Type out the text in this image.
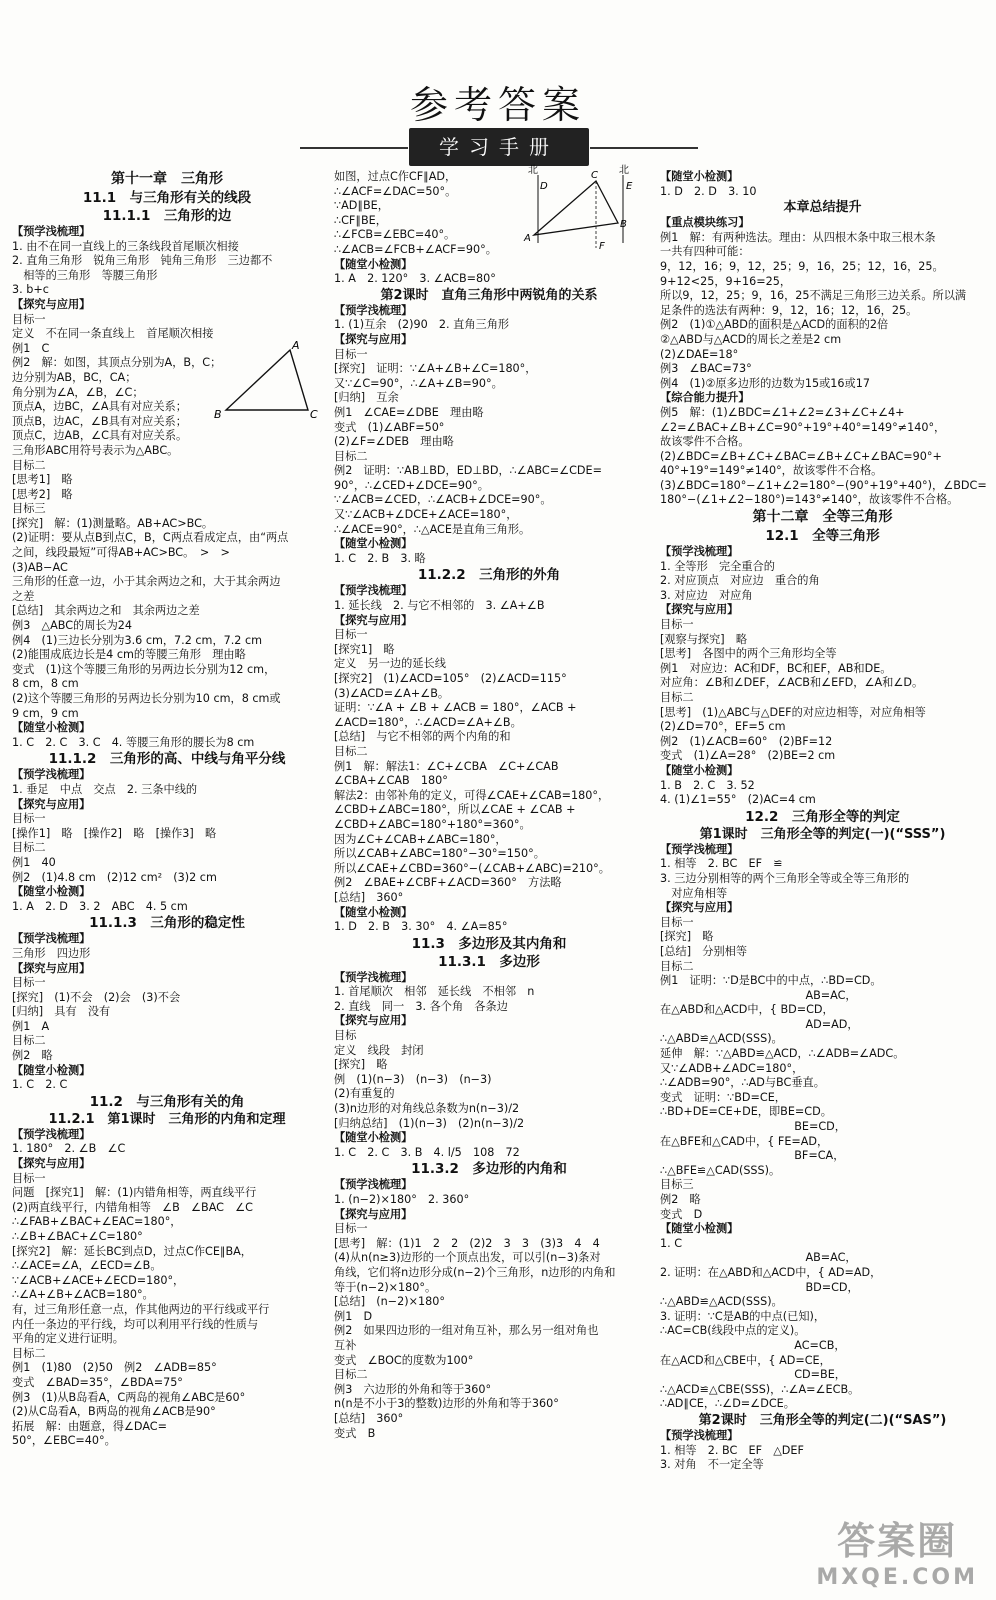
参考答案
学习手册
第十一章　三角形
11.1　与三角形有关的线段
11.1.1　三角形的边
【预学浅梳理】
1. 由不在同一直线上的三条线段首尾顺次相接
2. 直角三角形　锐角三角形　钝角三角形　三边都不
　相等的三角形　等腰三角形
3. b+c
【探究与应用】
目标一
定义　不在同一条直线上　首尾顺次相接
例1　C
例2　解：如图，其顶点分别为A，B，C；
边分别为AB，BC，CA；
角分别为∠A，∠B，∠C；
顶点A，边BC，∠A具有对应关系；
顶点B，边AC，∠B具有对应关系；
顶点C，边AB，∠C具有对应关系。
三角形ABC用符号表示为△ABC。
目标二
[思考1]　略
[思考2]　略
目标三
[探究]　解：(1)测量略。AB+AC>BC。
(2)证明：要从点B到点C，B，C两点看成定点，由“两点
之间，线段最短”可得AB+AC>BC。　>　>
(3)AB−AC
三角形的任意一边，小于其余两边之和，大于其余两边
之差
[总结]　其余两边之和　其余两边之差
例3　△ABC的周长为24
例4　(1)三边长分别为3.6 cm，7.2 cm，7.2 cm
(2)能围成底边长是4 cm的等腰三角形　理由略
变式　(1)这个等腰三角形的另两边长分别为12 cm，
8 cm，8 cm
(2)这个等腰三角形的另两边长分别为10 cm，8 cm或
9 cm，9 cm
【随堂小检测】
1. C　2. C　3. C　4. 等腰三角形的腰长为8 cm
11.1.2　三角形的高、中线与角平分线
【预学浅梳理】
1. 垂足　中点　交点　2. 三条中线的
【探究与应用】
目标一
[操作1]　略　[操作2]　略　[操作3]　略
目标二
例1　40
例2　(1)4.8 cm　(2)12 cm²　(3)2 cm
【随堂小检测】
1. A　2. D　3. 2　ABC　4. 5 cm
11.1.3　三角形的稳定性
【预学浅梳理】
三角形　四边形
【探究与应用】
目标一
[探究]　(1)不会　(2)会　(3)不会
[归纳]　具有　没有
例1　A
目标二
例2　略
【随堂小检测】
1. C　2. C
11.2　与三角形有关的角
11.2.1　第1课时　三角形的内角和定理
【预学浅梳理】
1. 180°　2. ∠B　∠C
【探究与应用】
目标一
问题　[探究1]　解：(1)内错角相等，两直线平行
(2)两直线平行，内错角相等　∠B　∠BAC　∠C
∴∠FAB+∠BAC+∠EAC=180°，
∴∠B+∠BAC+∠C=180°
[探究2]　解：延长BC到点D，过点C作CE∥BA，
∴∠ACE=∠A，∠ECD=∠B。
∵∠ACB+∠ACE+∠ECD=180°，
∴∠A+∠B+∠ACB=180°。
有，过三角形任意一点，作其他两边的平行线或平行
内任一条边的平行线，均可以利用平行线的性质与
平角的定义进行证明。
目标二
例1　(1)80　(2)50　例2　∠ADB=85°
变式　∠BAD=35°，∠BDA=75°
例3　(1)从B岛看A，C两岛的视角∠ABC是60°
(2)从C岛看A，B两岛的视角∠ACB是90°
拓展　解：由题意，得∠DAC=
50°，∠EBC=40°。
如图，过点C作CF∥AD，
∴∠ACF=∠DAC=50°。
∵AD∥BE，
∴CF∥BE，
∴∠FCB=∠EBC=40°。
∴∠ACB=∠FCB+∠ACF=90°。
【随堂小检测】
1. A　2. 120°　3. ∠ACB=80°
第2课时　直角三角形中两锐角的关系
【预学浅梳理】
1. (1)互余　(2)90　2. 直角三角形
【探究与应用】
目标一
[探究]　证明：∵∠A+∠B+∠C=180°，
又∵∠C=90°，∴∠A+∠B=90°。
[归纳]　互余
例1　∠CAE=∠DBE　理由略
变式　(1)∠ABF=50°
(2)∠F=∠DEB　理由略
目标二
例2　证明：∵AB⊥BD，ED⊥BD，∴∠ABC=∠CDE=
90°，∴∠CED+∠DCE=90°。
∵∠ACB=∠CED，∴∠ACB+∠DCE=90°。
又∵∠ACB+∠DCE+∠ACE=180°，
∴∠ACE=90°，∴△ACE是直角三角形。
【随堂小检测】
1. C　2. B　3. 略
11.2.2　三角形的外角
【预学浅梳理】
1. 延长线　2. 与它不相邻的　3. ∠A+∠B
【探究与应用】
目标一
[探究1]　略
定义　另一边的延长线
[探究2]　(1)∠ACD=105°　(2)∠ACD=115°
(3)∠ACD=∠A+∠B。
证明：∵∠A + ∠B + ∠ACB = 180°，∠ACB +
∠ACD=180°，∴∠ACD=∠A+∠B。
[总结]　与它不相邻的两个内角的和
目标二
例1　解：解法1：∠C+∠CBA　∠C+∠CAB
∠CBA+∠CAB　180°
解法2：由邻补角的定义，可得∠CAE+∠CAB=180°，
∠CBD+∠ABC=180°，所以∠CAE + ∠CAB +
∠CBD+∠ABC=180°+180°=360°。
因为∠C+∠CAB+∠ABC=180°，
所以∠CAB+∠ABC=180°−30°=150°。
所以∠CAE+∠CBD=360°−(∠CAB+∠ABC)=210°。
例2　∠BAE+∠CBF+∠ACD=360°　方法略
[总结]　360°
【随堂小检测】
1. D　2. B　3. 30°　4. ∠A=85°
11.3　多边形及其内角和
11.3.1　多边形
【预学浅梳理】
1. 首尾顺次　相邻　延长线　不相邻　n
2. 直线　同一　3. 各个角　各条边
【探究与应用】
目标
定义　线段　封闭
[探究]　略
例　(1)(n−3)　(n−3)　(n−3)
(2)有重复的
(3)n边形的对角线总条数为n(n−3)/2
[归纳总结]　(1)(n−3)　(2)n(n−3)/2
【随堂小检测】
1. C　2. C　3. B　4. l/5　108　72
11.3.2　多边形的内角和
【预学浅梳理】
1. (n−2)×180°　2. 360°
【探究与应用】
目标一
[思考]　解：(1)1　2　2　(2)2　3　3　(3)3　4　4
(4)从n(n≥3)边形的一个顶点出发，可以引(n−3)条对
角线，它们将n边形分成(n−2)个三角形，n边形的内角和
等于(n−2)×180°。
[总结]　(n−2)×180°
例1　D
例2　如果四边形的一组对角互补，那么另一组对角也
互补
变式　∠BOC的度数为100°
目标二
例3　六边形的外角和等于360°
n(n是不小于3的整数)边形的外角和等于360°
[总结]　360°
变式　B
【随堂小检测】
1. D　2. D　3. 10
本章总结提升
【重点模块练习】
例1　解：有两种选法。理由：从四根木条中取三根木条
一共有四种可能：
9，12，16；9，12，25；9，16，25；12，16，25。
9+12<25，9+16=25，
所以9，12，25；9，16，25不满足三角形三边关系。所以满
足条件的选法有两种：9，12，16；12，16，25。
例2　(1)①△ABD的面积是△ACD的面积的2倍
②△ABD与△ACD的周长之差是2 cm
(2)∠DAE=18°
例3　∠BAC=73°
例4　(1)②原多边形的边数为15或16或17
【综合能力提升】
例5　解：(1)∠BDC=∠1+∠2=∠3+∠C+∠4+
∠2=∠BAC+∠B+∠C=90°+19°+40°=149°≠140°，
故该零件不合格。
(2)∠BDC=∠B+∠C+∠BAC=∠B+∠C+∠BAC=90°+
40°+19°=149°≠140°，故该零件不合格。
(3)∠BDC=180°−∠1+∠2=180°−(90°+19°+40°)，∠BDC=
180°−(∠1+∠2−180°)=143°≠140°，故该零件不合格。
第十二章　全等三角形
12.1　全等三角形
【预学浅梳理】
1. 全等形　完全重合的
2. 对应顶点　对应边　重合的角
3. 对应边　对应角
【探究与应用】
目标一
[观察与探究]　略
[思考]　各图中的两个三角形均全等
例1　对应边：AC和DF，BC和EF，AB和DE。
对应角：∠B和∠DEF，∠ACB和∠EFD，∠A和∠D。
目标二
[思考]　(1)△ABC与△DEF的对应边相等，对应角相等
(2)∠D=70°，EF=5 cm
例2　(1)∠ACB=60°　(2)BF=12
变式　(1)∠A=28°　(2)BE=2 cm
【随堂小检测】
1. B　2. C　3. 52
4. (1)∠1=55°　(2)AC=4 cm
12.2　三角形全等的判定
第1课时　三角形全等的判定(一)(“SSS”)
【预学浅梳理】
1. 相等　2. BC　EF　≌
3. 三边分别相等的两个三角形全等或全等三角形的
　对应角相等
【探究与应用】
目标一
[探究]　略
[总结]　分别相等
目标二
例1　证明：∵D是BC中的中点，∴BD=CD。
　　　　　　　　　　　　　AB=AC，
在△ABD和△ACD中，{ BD=CD，
　　　　　　　　　　　　　AD=AD，
∴△ABD≌△ACD(SSS)。
延伸　解：∵△ABD≌△ACD，∴∠ADB=∠ADC。
又∵∠ADB+∠ADC=180°，
∴∠ADB=90°，∴AD与BC垂直。
变式　证明：∵BD=CE，
∴BD+DE=CE+DE，即BE=CD。
　　　　　　　　　　　　BE=CD，
在△BFE和△CAD中，{ FE=AD，
　　　　　　　　　　　　BF=CA，
∴△BFE≌△CAD(SSS)。
目标三
例2　略
变式　D
【随堂小检测】
1. C
　　　　　　　　　　　　　AB=AC，
2. 证明：在△ABD和△ACD中，{ AD=AD，
　　　　　　　　　　　　　BD=CD，
∴△ABD≌△ACD(SSS)。
3. 证明：∵C是AB的中点(已知)，
∴AC=CB(线段中点的定义)。
　　　　　　　　　　　　AC=CB，
在△ACD和△CBE中，{ AD=CE，
　　　　　　　　　　　　CD=BE，
∴△ACD≌△CBE(SSS)，∴∠A=∠ECB。
∴AD∥CE，∴∠D=∠DCE。
第2课时　三角形全等的判定(二)(“SAS”)
【预学浅梳理】
1. 相等　2. BC　EF　△DEF
3. 对角　不一定全等
A
B	C
北	北
A
B
C
D	E
F
答案圈
MXQE.COM
